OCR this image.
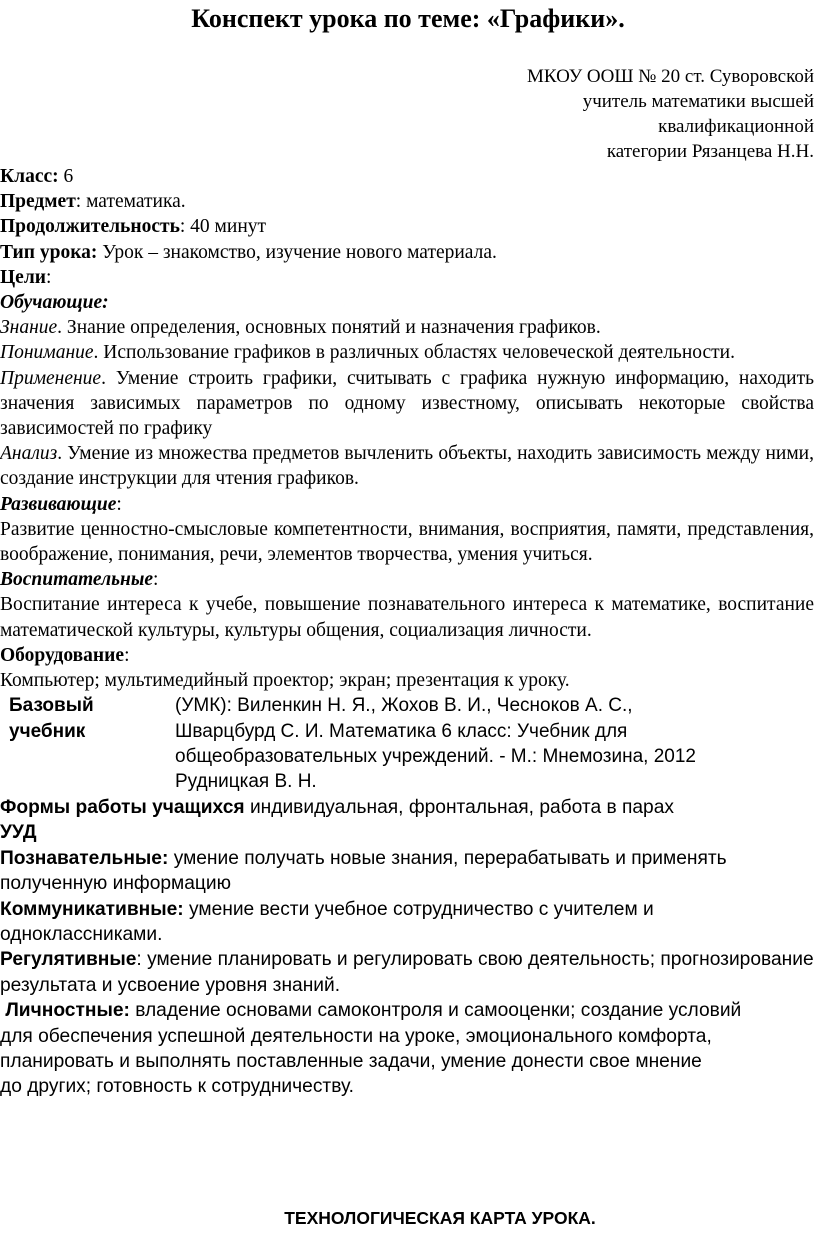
Конспект урока по теме: «Графики».
МКОУ ООШ № 20 ст. Суворовской
учитель математики высшей
квалификационной
категории Рязанцева Н.Н.

Класс: 6

Предмет: математика.

Продолжительность: 40 минут

Тип урока: Урок – знакомство, изучение нового материала.

Цели:

Обучающие:

Знание. Знание определения, основных понятий и назначения графиков.

Понимание. Использование графиков в различных областях человеческой деятельности.

Применение. Умение строить графики, считывать с графика нужную информацию, находить значения зависимых параметров по одному известному, описывать некоторые свойства зависимостей по графику

Анализ. Умение из множества предметов вычленить объекты, находить зависимость между ними, создание инструкции для чтения графиков.

Развивающие:

Развитие ценностно-смысловые компетентности, внимания, восприятия, памяти, представления, воображение, понимания, речи, элементов творчества, умения учиться.

Воспитательные:

Воспитание интереса к учебе, повышение познавательного интереса к математике, воспитание математической культуры, культуры общения, социализация личности.

Оборудование:

Компьютер; мультимедийный проектор; экран; презентация к уроку.

Базовый
учебник
(УМК): Виленкин Н. Я., Жохов В. И., Чесноков А. С.,
Шварцбурд С. И. Математика 6 класс: Учебник для
общеобразовательных учреждений. - М.: Мнемозина, 2012
Рудницкая В. Н.
Формы работы учащихся индивидуальная, фронтальная, работа в парах
УУД
Познавательные: умение получать новые знания, перерабатывать и применять полученную информацию
Коммуникативные: умение вести учебное сотрудничество с учителем и одноклассниками.
Регулятивные: умение планировать и регулировать свою деятельность; прогнозирование результата и усвоение уровня знаний.
Личностные: владение основами самоконтроля и самооценки; создание условий
для обеспечения успешной деятельности на уроке, эмоционального комфорта,
планировать и выполнять поставленные задачи, умение донести свое мнение
до других; готовность к сотрудничеству.
ТЕХНОЛОГИЧЕСКАЯ КАРТА УРОКА.
